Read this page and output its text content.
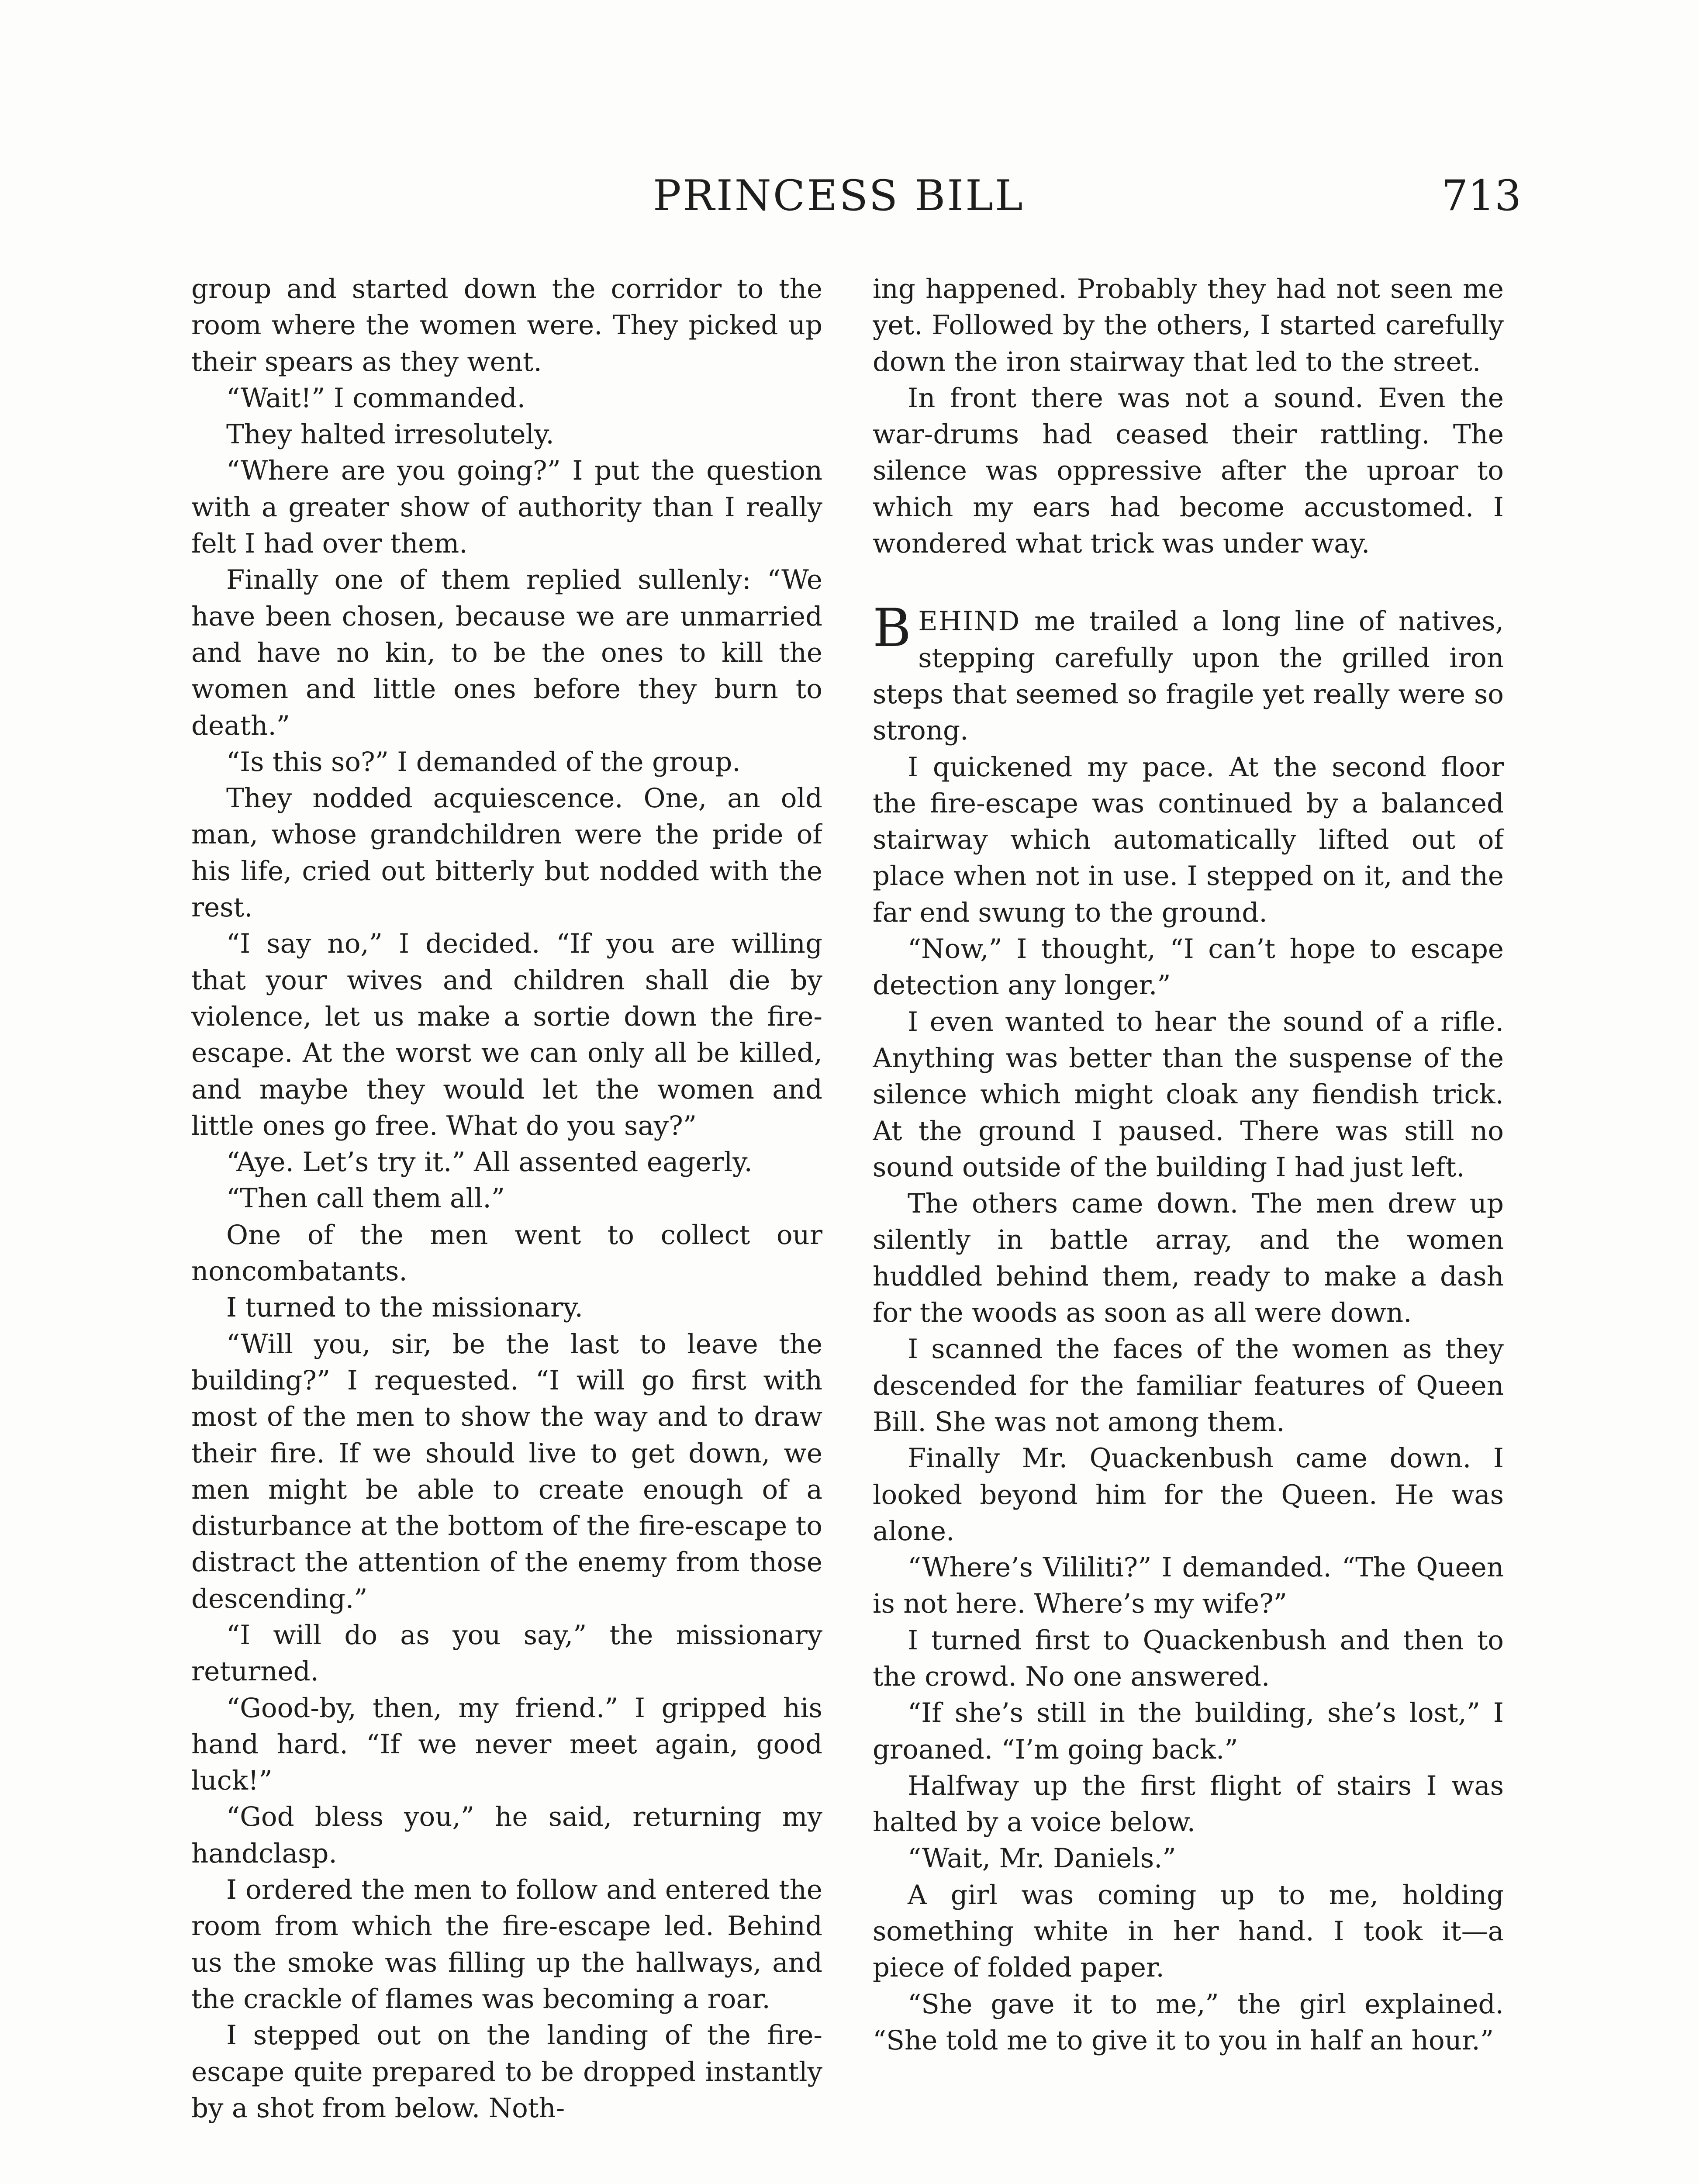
PRINCESS BILL	713

group and started down the corridor to the room where the women were. They picked up their spears as they went.

“Wait!” I commanded.

They halted irresolutely.

“Where are you going?” I put the question with a greater show of authority than I really felt I had over them.

Finally one of them replied sullenly: “We have been chosen, because we are unmarried and have no kin, to be the ones to kill the women and little ones before they burn to death.”

“Is this so?” I demanded of the group.

They nodded acquiescence. One, an old man, whose grandchildren were the pride of his life, cried out bitterly but nodded with the rest.

“I say no,” I decided. “If you are willing that your wives and children shall die by violence, let us make a sortie down the fire-escape. At the worst we can only all be killed, and maybe they would let the women and little ones go free. What do you say?”

“Aye. Let’s try it.” All assented eagerly.

“Then call them all.”

One of the men went to collect our noncombatants.

I turned to the missionary.

“Will you, sir, be the last to leave the building?” I requested. “I will go first with most of the men to show the way and to draw their fire. If we should live to get down, we men might be able to create enough of a disturbance at the bottom of the fire-escape to distract the attention of the enemy from those descending.”

“I will do as you say,” the missionary returned.

“Good-by, then, my friend.” I gripped his hand hard. “If we never meet again, good luck!”

“God bless you,” he said, returning my handclasp.

I ordered the men to follow and entered the room from which the fire-escape led. Behind us the smoke was filling up the hallways, and the crackle of flames was becoming a roar.

I stepped out on the landing of the fire-escape quite prepared to be dropped instantly by a shot from below. Noth-

ing happened. Probably they had not seen me yet. Followed by the others, I started carefully down the iron stairway that led to the street.

In front there was not a sound. Even the war-drums had ceased their rattling. The silence was oppressive after the uproar to which my ears had become accustomed. I wondered what trick was under way.

BEHIND me trailed a long line of natives, stepping carefully upon the grilled iron steps that seemed so fragile yet really were so strong.

I quickened my pace. At the second floor the fire-escape was continued by a balanced stairway which automatically lifted out of place when not in use. I stepped on it, and the far end swung to the ground.

“Now,” I thought, “I can’t hope to escape detection any longer.”

I even wanted to hear the sound of a rifle. Anything was better than the suspense of the silence which might cloak any fiendish trick. At the ground I paused. There was still no sound outside of the building I had just left.

The others came down. The men drew up silently in battle array, and the women huddled behind them, ready to make a dash for the woods as soon as all were down.

I scanned the faces of the women as they descended for the familiar features of Queen Bill. She was not among them.

Finally Mr. Quackenbush came down. I looked beyond him for the Queen. He was alone.

“Where’s Vililiti?” I demanded. “The Queen is not here. Where’s my wife?”

I turned first to Quackenbush and then to the crowd. No one answered.

“If she’s still in the building, she’s lost,” I groaned. “I’m going back.”

Halfway up the first flight of stairs I was halted by a voice below.

“Wait, Mr. Daniels.”

A girl was coming up to me, holding something white in her hand. I took it—a piece of folded paper.

“She gave it to me,” the girl explained. “She told me to give it to you in half an hour.”
